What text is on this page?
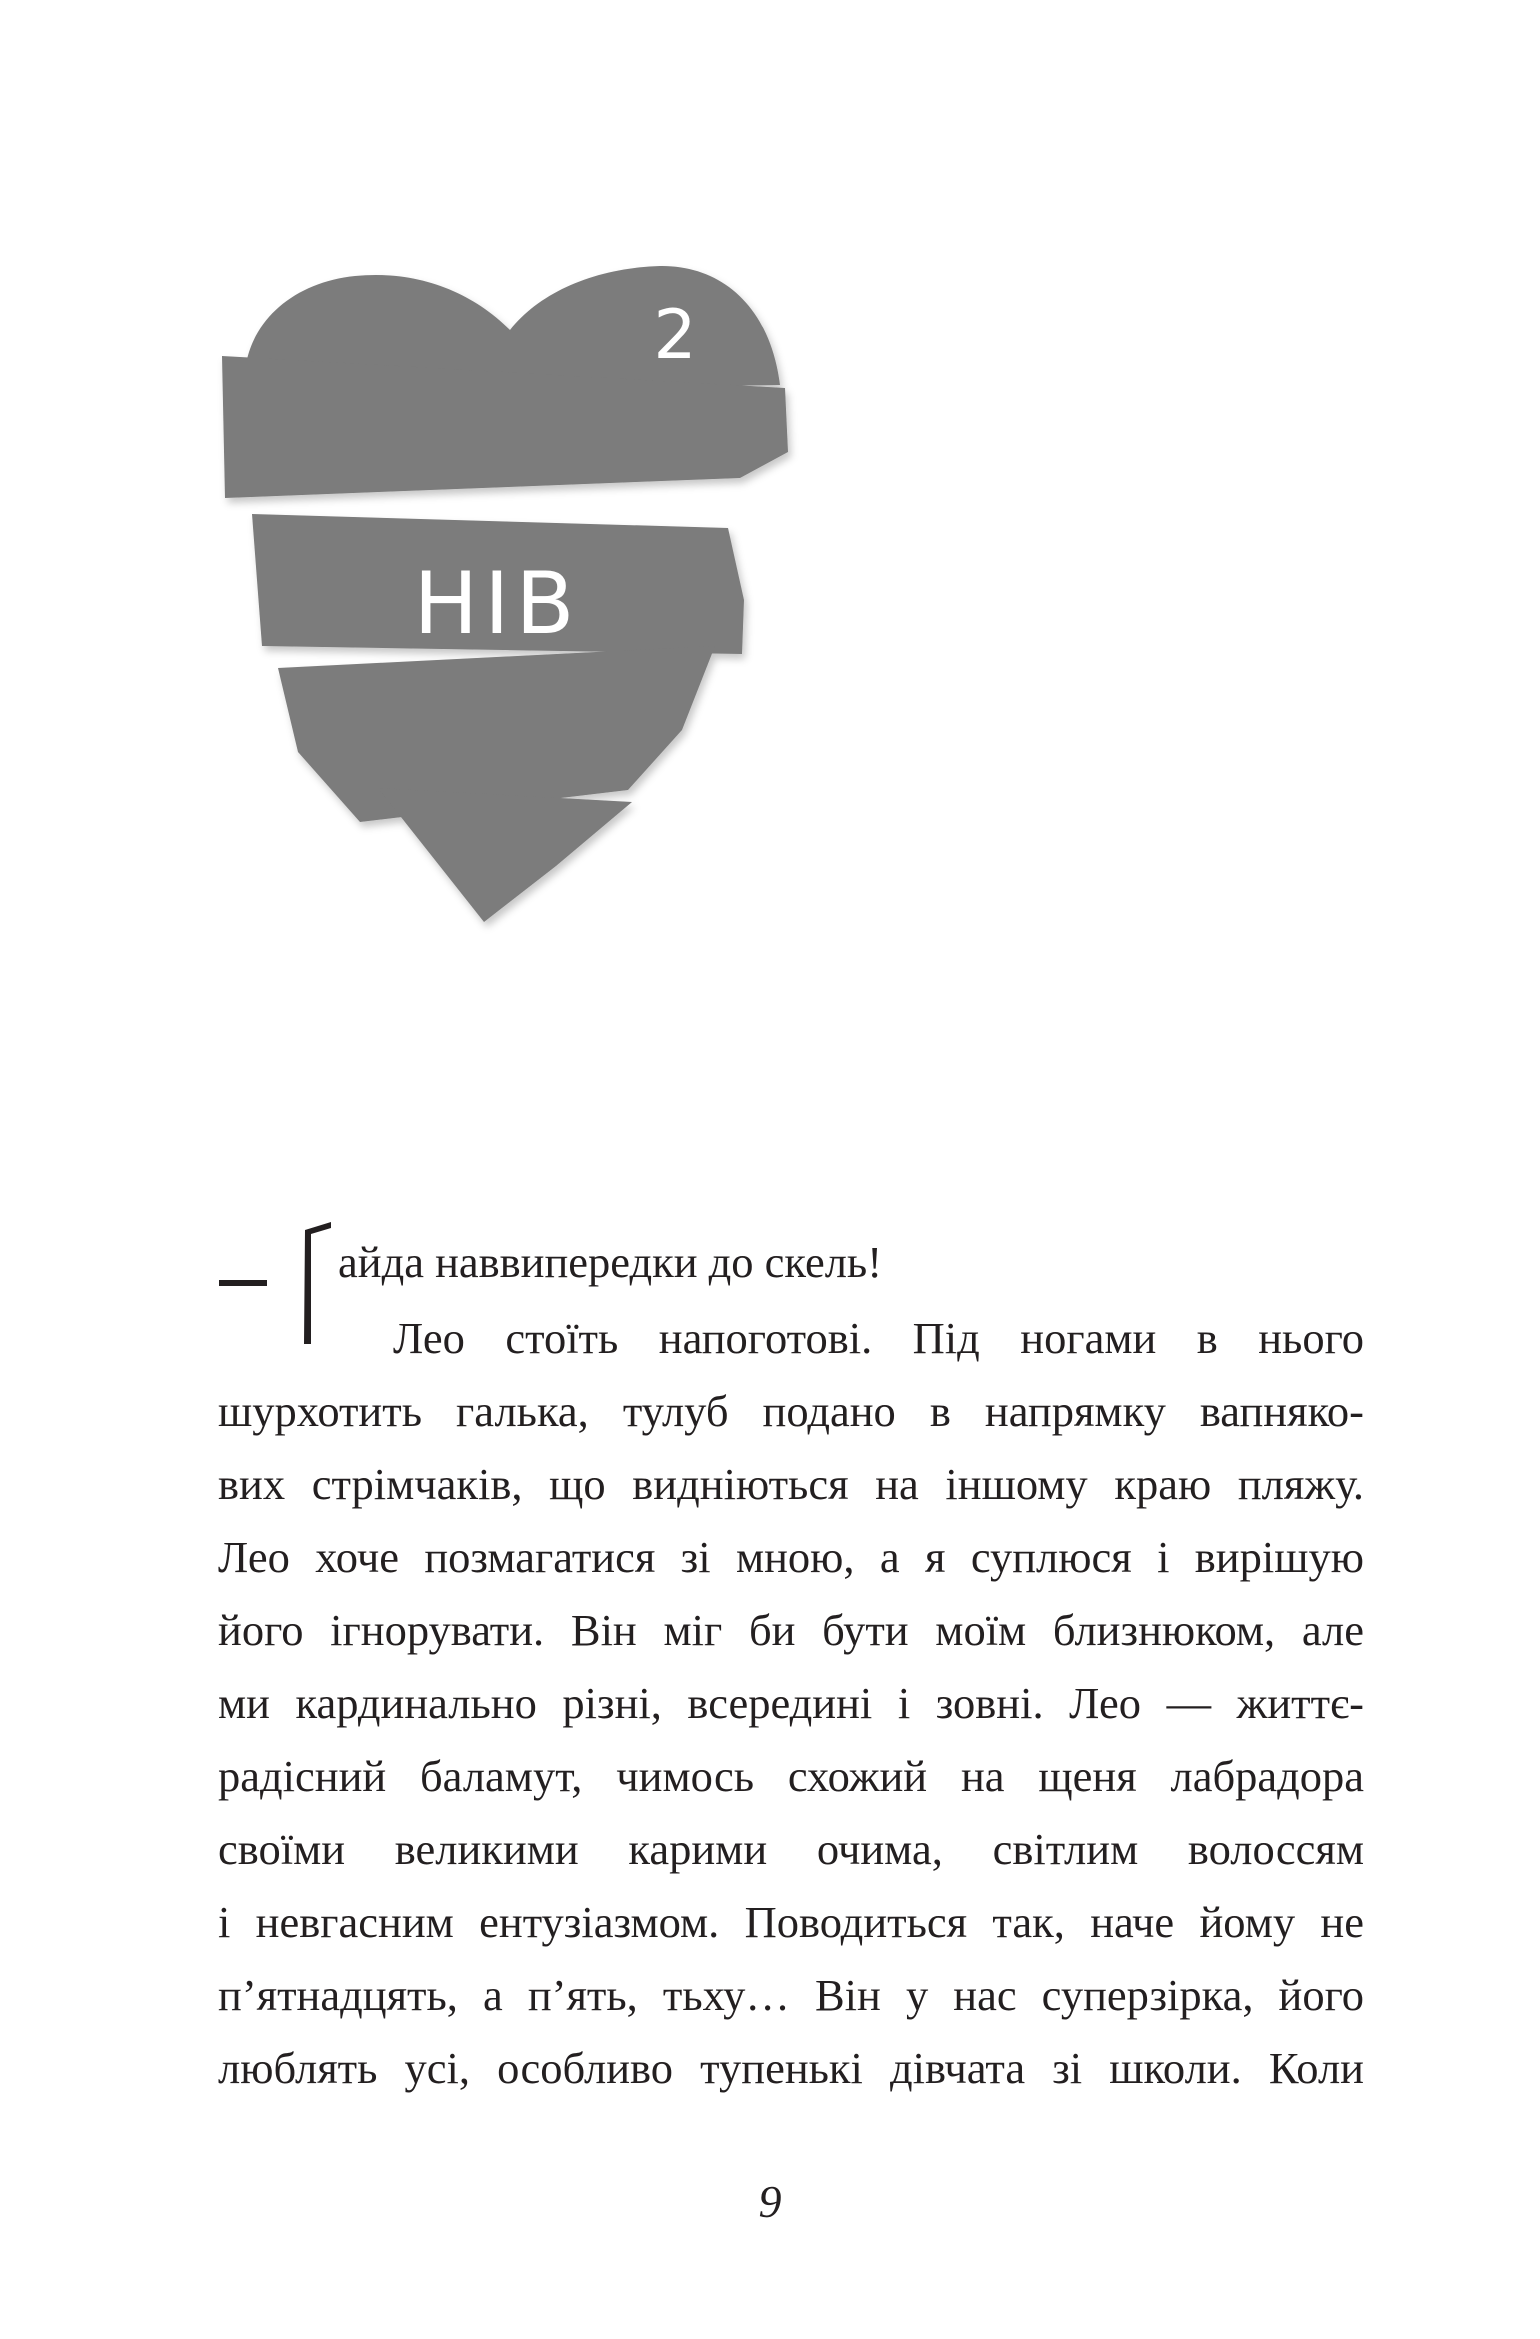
2
НІВ

айда наввипередки до скель!

Лео стоїть напоготові. Під ногами в нього

шурхотить галька, тулуб подано в напрямку вапняко-

вих стрімчаків, що видніються на іншому краю пляжу.

Лео хоче позмагатися зі мною, а я суплюся і вирішую

його ігнорувати. Він міг би бути моїм близнюком, але

ми кардинально різні, всередині і зовні. Лео — життє-

радісний баламут, чимось схожий на щеня лабрадора

своїми великими карими очима, світлим волоссям

і невгасним ентузіазмом. Поводиться так, наче йому не

п’ятнадцять, а п’ять, тьху… Він у нас суперзірка, його

люблять усі, особливо тупенькі дівчата зі школи. Коли

9
